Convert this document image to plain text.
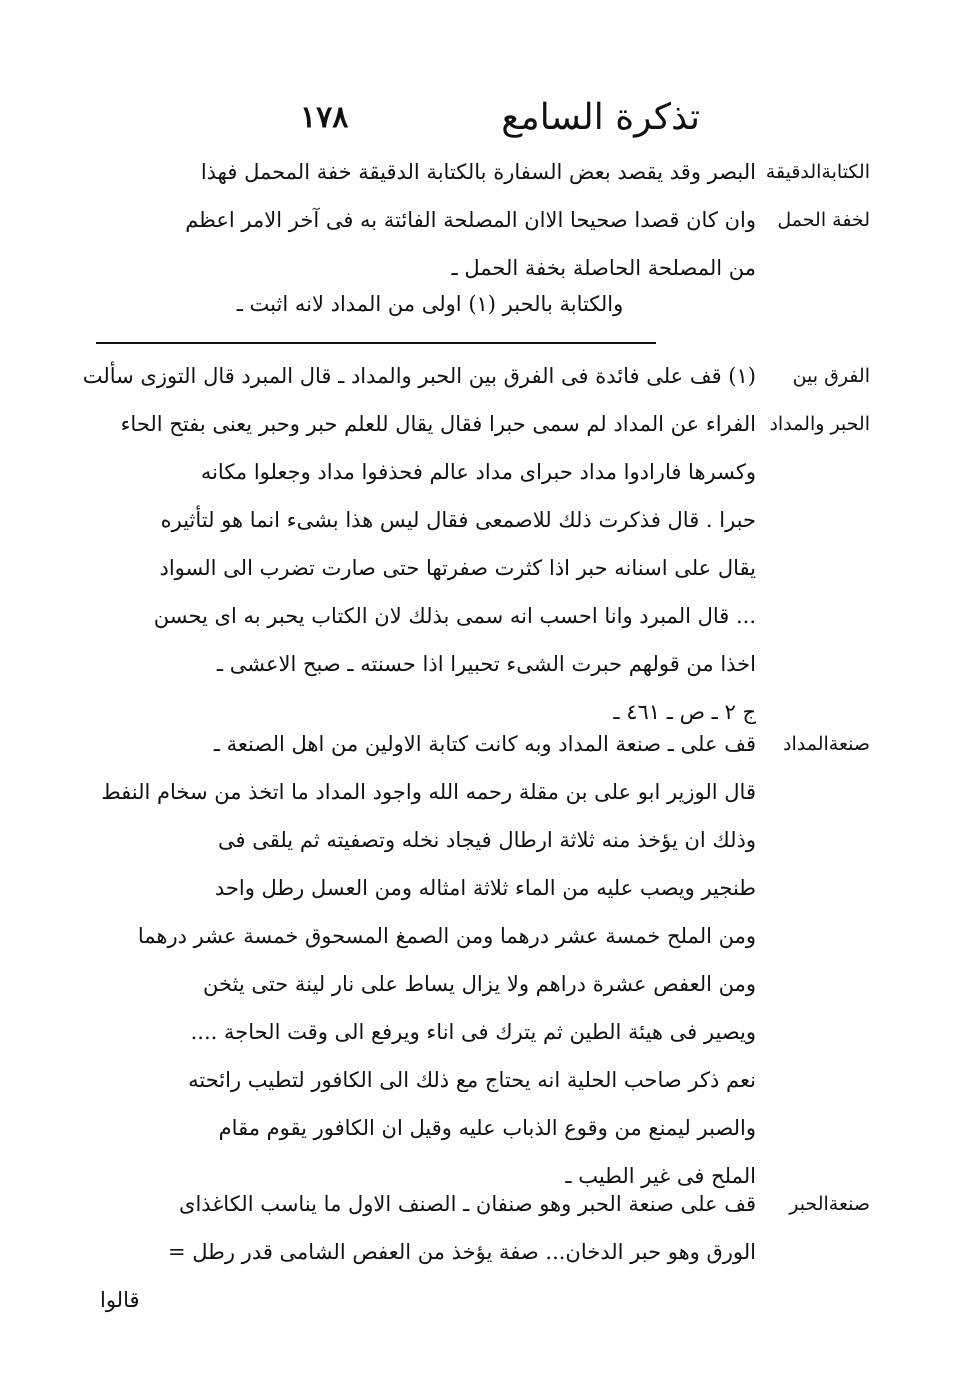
تذكرة السامع
١٧٨
الكتابةالدقيقة
لخفة الحمل
البصر وقد يقصد بعض السفارة بالكتابة الدقيقة خفة المحمل فهذا
وان كان قصدا صحيحا الاان المصلحة الفائتة به فى آخر الامر اعظم
من المصلحة الحاصلة بخفة الحمل ـ
والكتابة بالحبر (١) اولى من المداد لانه اثبت ـ
الفرق بين
الحبر والمداد
(١) قف على فائدة فى الفرق بين الحبر والمداد ـ قال المبرد قال التوزى سألت
الفراء عن المداد لم سمى حبرا فقال يقال للعلم حبر وحبر يعنى بفتح الحاء
وكسرها فارادوا مداد حبراى مداد عالم فحذفوا مداد وجعلوا مكانه
حبرا . قال فذكرت ذلك للاصمعى فقال ليس هذا بشىء انما هو لتأثيره
يقال على اسنانه حبر اذا كثرت صفرتها حتى صارت تضرب الى السواد
... قال المبرد وانا احسب انه سمى بذلك لان الكتاب يحبر به اى يحسن
اخذا من قولهم حبرت الشىء تحبيرا اذا حسنته ـ صبح الاعشى ـ
ج ٢ ـ ص ـ ٤٦١ ـ
صنعةالمداد
قف على ـ صنعة المداد وبه كانت كتابة الاولين من اهل الصنعة ـ
قال الوزير ابو على بن مقلة رحمه الله واجود المداد ما اتخذ من سخام النفط
وذلك ان يؤخذ منه ثلاثة ارطال فيجاد نخله وتصفيته ثم يلقى فى
طنجير ويصب عليه من الماء ثلاثة امثاله ومن العسل رطل واحد
ومن الملح خمسة عشر درهما ومن الصمغ المسحوق خمسة عشر درهما
ومن العفص عشرة دراهم ولا يزال يساط على نار لينة حتى يثخن
ويصير فى هيئة الطين ثم يترك فى اناء ويرفع الى وقت الحاجة ....
نعم ذكر صاحب الحلية انه يحتاج مع ذلك الى الكافور لتطيب رائحته
والصبر ليمنع من وقوع الذباب عليه وقيل ان الكافور يقوم مقام
الملح فى غير الطيب ـ
صنعةالحبر
قف على صنعة الحبر وهو صنفان ـ الصنف الاول ما يناسب الكاغذاى
الورق وهو حبر الدخان... صفة يؤخذ من العفص الشامى قدر رطل =
قالوا
